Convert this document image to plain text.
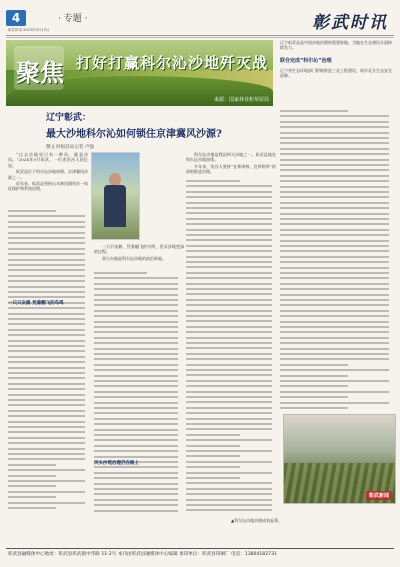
4	· 专题 ·
彰武时讯 2023年9月13日	彰武时讯
聚焦 打好打赢科尔沁沙地歼灭战
来源：国家林业和草原局
辽宁彰武：
最大沙地科尔沁如何锁住京津冀风沙源?
撰文 时报驻站记者 卢强

“过去沙地里只有一种风，就是沙风。”2024年9月彰武，一位老治沙人回忆说。

彰武县位于科尔沁沙地南缘，京津冀风沙源之一。

近年来，彰武县坚持山水林田湖草沙一体化保护和系统治理。

一只只灰鹤 凭着翻飞的鸟鸣

一只只灰鹤、凭着翻飞的鸟鸣，见证沙地变绿的过程。

章古台镇是科尔沁沙地的前沿阵地。

风头沙尾治理仍在路上

科尔沁沙地是我国四大沙地之一，彰武县地处科尔沁沙地南缘。

多年来，治沙人坚持“宜林则林、宜草则草”的原则推进治理。

辽宁彰武县是中国沙地治理的重要阵地，当地在生态建设方面持续发力。
联合完成“科尔沁”治理
辽宁省生态环境部门积极推进三北工程建设，筑牢北方生态安全屏障。
彰武新闻
▲科尔沁沙地治理成效显著。
彰武县融媒体中心地址：彰武县彰武镇中华路 11-2号 本刊由彰武县融媒体中心编辑 承印单位：彰武县印刷厂 电话：13804182731
